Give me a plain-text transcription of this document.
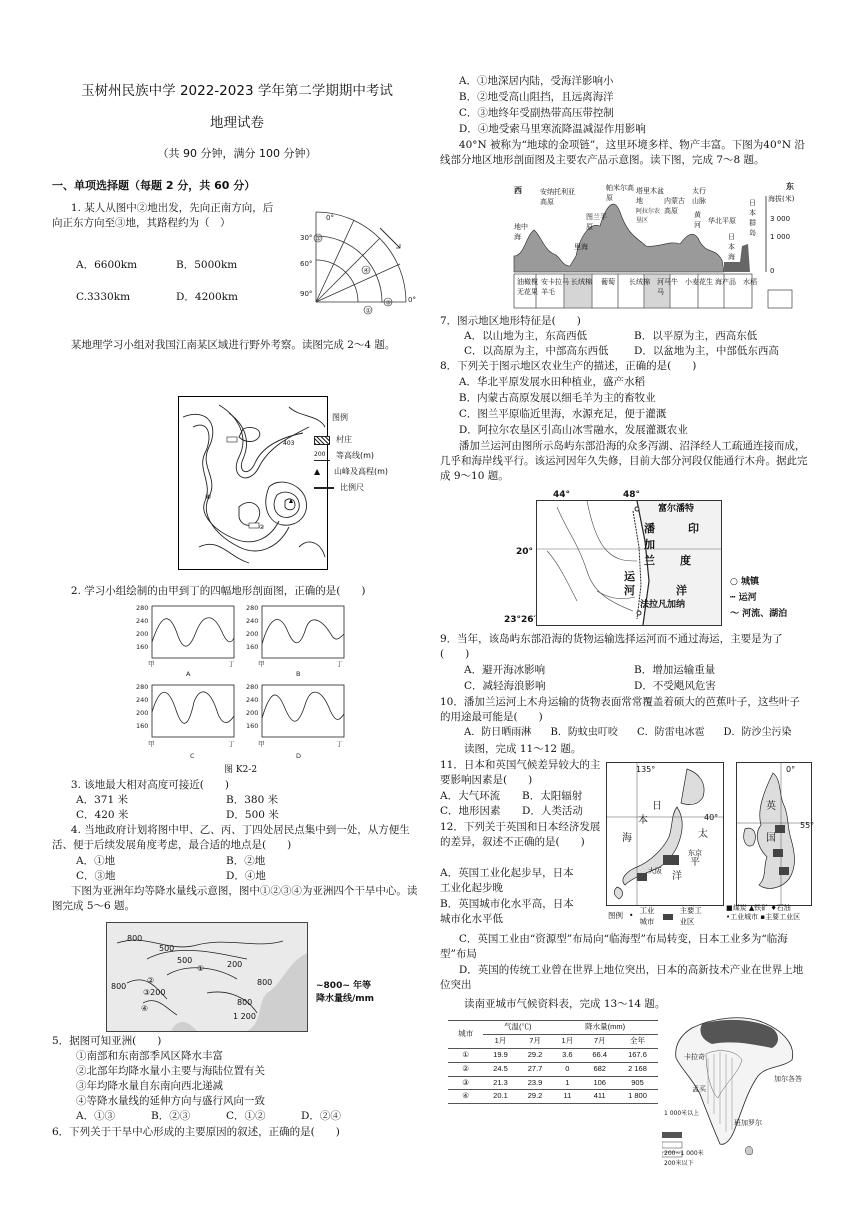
玉树州民族中学 2022-2023 学年第二学期期中考试
地理试卷
（共 90 分钟，满分 100 分钟）
一、单项选择题（每题 2 分，共 60 分）

1. 某人从图中②地出发，先向正南方向，后向正东方向至③地，其路程约为（　）

A．6600km	B．5000km
C.3330km	D．4200km
0°
30°
60°
90°
0°
②
④
③
①

某地理学习小组对我国江南某区域进行野外考察。读图完成 2～4 题。

④
403
②
图例
村庄
200	等高线(m)
▲	山峰及高程(m)
比例尺

2. 学习小组绘制的由甲到丁的四幅地形剖面图，正确的是(　　)

280
240
200
160
280
240
200
160
280
240
200
160
280
240
200
160
甲	丁
A
甲	丁
B
甲	丁
C
甲	丁
D
图 K2-2

3. 该地最大相对高度可接近(　　)

A．371 米	B．380 米
C．420 米	D．500 米

4. 当地政府计划将图中甲、乙、丙、丁四处居民点集中到一处，从方便生活、便于后续发展角度考虑，最合适的地点是(　　)

A．①地	B．②地
C．③地	D．④地

下图为亚洲年均等降水量线示意图，图中①②③④为亚洲四个干旱中心。读图完成 5～6 题。

800
500
200
①
800
②
800
③200
④
800
1 200
500
~800~ 年等降水量线/mm

5．据图可知亚洲(　　)

①南部和东南部季风区降水丰富

②北部年均降水量小主要与海陆位置有关

③年均降水量自东南向西北递减

④等降水量线的延伸方向与盛行风向一致

A．①③	B．②③	C．①②	D．②④

6．下列关于干旱中心形成的主要原因的叙述，正确的是(　　)

A．①地深居内陆，受海洋影响小

B．②地受高山阻挡，且远离海洋

C．③地终年受副热带高压带控制

D．④地受索马里寒流降温减湿作用影响

40°N 被称为“地球的金项链”，这里环境多样、物产丰富。下图为40°N 沿线部分地区地形剖面图及主要农产品示意图。读下图，完成 7～8 题。

西	安纳托利亚高原
帕米尔高原
塔里木盆地	内蒙古高原
太行山脉
东
地中海
里海
图兰平原
阿拉尔农垦区
黄河
华北平原
日本海
日本群岛
海拔(米)
3 000
1 000
0
油橄榄无花果
安卡拉马羊毛
长绒棉	葡萄	长绒棉	河马牛马
小麦花生 海产品	水稻

7．图示地区地形特征是(　　)

A．以山地为主，东高西低	B．以平原为主，西高东低
C．以高原为主，中部高东西低	D．以盆地为主，中部低东西高

8．下列关于图示地区农业生产的描述，正确的是(　　)

A．华北平原发展水田种植业，盛产水稻

B．内蒙古高原发展以细毛羊为主的畜牧业

C．图兰平原临近里海，水源充足，便于灌溉

D．阿拉尔农垦区引高山冰雪融水，发展灌溉农业

潘加兰运河由图所示岛屿东部沿海的众多泻湖、沼泽经人工疏通连接而成，几乎和海岸线平行。该运河因年久失修，目前大部分河段仅能通行木舟。据此完成 9～10 题。

44°	48°
富尔潘特
潘
加
兰
运
河
印
度
洋
法拉凡加纳
20°
23°26′
○ 城镇
┅ 运河
～ 河流、湖泊

9．当年，该岛屿东部沿海的货物运输选择运河而不通过海运，主要是为了(　　)

A．避开海冰影响	B．增加运输重量
C．减轻海浪影响	D．不受飓风危害

10．潘加兰运河上木舟运输的货物表面常常覆盖着硕大的芭蕉叶子，这些叶子的用途最可能是(　　)

A．防日晒雨淋	B．防蚊虫叮咬	C．防雷电冰雹	D．防沙尘污染

读图，完成 11～12 题。

11．日本和英国气候差异较大的主要影响因素是(　　)

A．大气环流	B．太阳辐射
C．地形因素	D．人类活动

12．下列关于英国和日本经济发展的差异，叙述不正确的是(　　)

A．英国工业化起步早，日本工业化起步晚

B．英国城市化水平高，日本城市化水平低

C．英国工业由“资源型”布局向“临海型”布局转变，日本工业多为“临海型”布局

D．英国的传统工业曾在世界上地位突出，日本的高新技术产业在世界上地位突出

读南亚城市气候资料表，完成 13～14 题。

135°
日
本
海	太
平
洋
40°
东京
大阪
图例 •
工业城市
主要工业区
0°
55°
英
国
■煤炭 ▲铁矿 ♦石油
•工业城市 ▪主要工业区
城市	气温(℃)		降水量(mm)		
	1月	7月	1月	7月	全年
①	19.9	29.2	3.6	66.4	167.6
②	24.5	27.7	0	682	2 168
③	21.3	23.9	1	106	905
④	20.1	29.2	11	411	1 800
卡拉奇
孟买
加尔各答
班加罗尔
1 000米以上
200~1 000米
200米以下
